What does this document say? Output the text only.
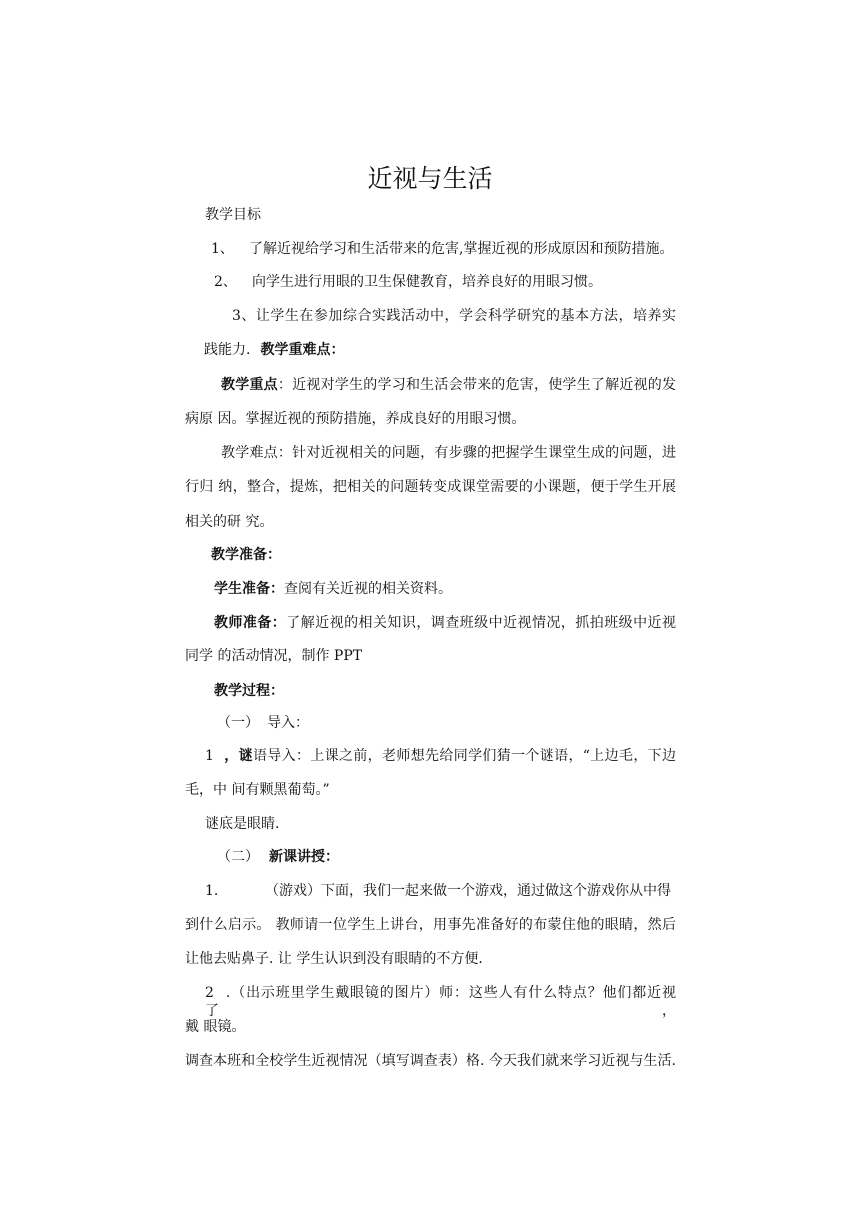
近视与生活
教学目标
1、 了解近视给学习和生活带来的危害,掌握近视的形成原因和预防措施。
2、 向学生进行用眼的卫生保健教育，培养良好的用眼习惯。
3、让学生在参加综合实践活动中，学会科学研究的基本方法，培养实
践能力. 教学重难点：
教学重点：近视对学生的学习和生活会带来的危害，使学生了解近视的发
病原 因。掌握近视的预防措施，养成良好的用眼习惯。
教学难点：针对近视相关的问题，有步骤的把握学生课堂生成的问题，进
行归 纳，整合，提炼，把相关的问题转变成课堂需要的小课题，便于学生开展
相关的研 究。
教学准备：
学生准备：查阅有关近视的相关资料。
教师准备：了解近视的相关知识，调查班级中近视情况，抓拍班级中近视
同学 的活动情况，制作 PPT
教学过程：
（一） 导入：
1 ，谜语导入：上课之前，老师想先给同学们猜一个谜语，“上边毛，下边
毛，中 间有颗黑葡萄。”
谜底是眼睛.
（二） 新课讲授：
1.	（游戏）下面，我们一起来做一个游戏，通过做这个游戏你从中得
到什么启示。 教师请一位学生上讲台，用事先准备好的布蒙住他的眼睛，然后
让他去贴鼻子. 让 学生认识到没有眼睛的不方便.
2 .（出示班里学生戴眼镜的图片）师：这些人有什么特点？他们都近视了，
戴 眼镜。
调查本班和全校学生近视情况（填写调查表）格. 今天我们就来学习近视与生活.
